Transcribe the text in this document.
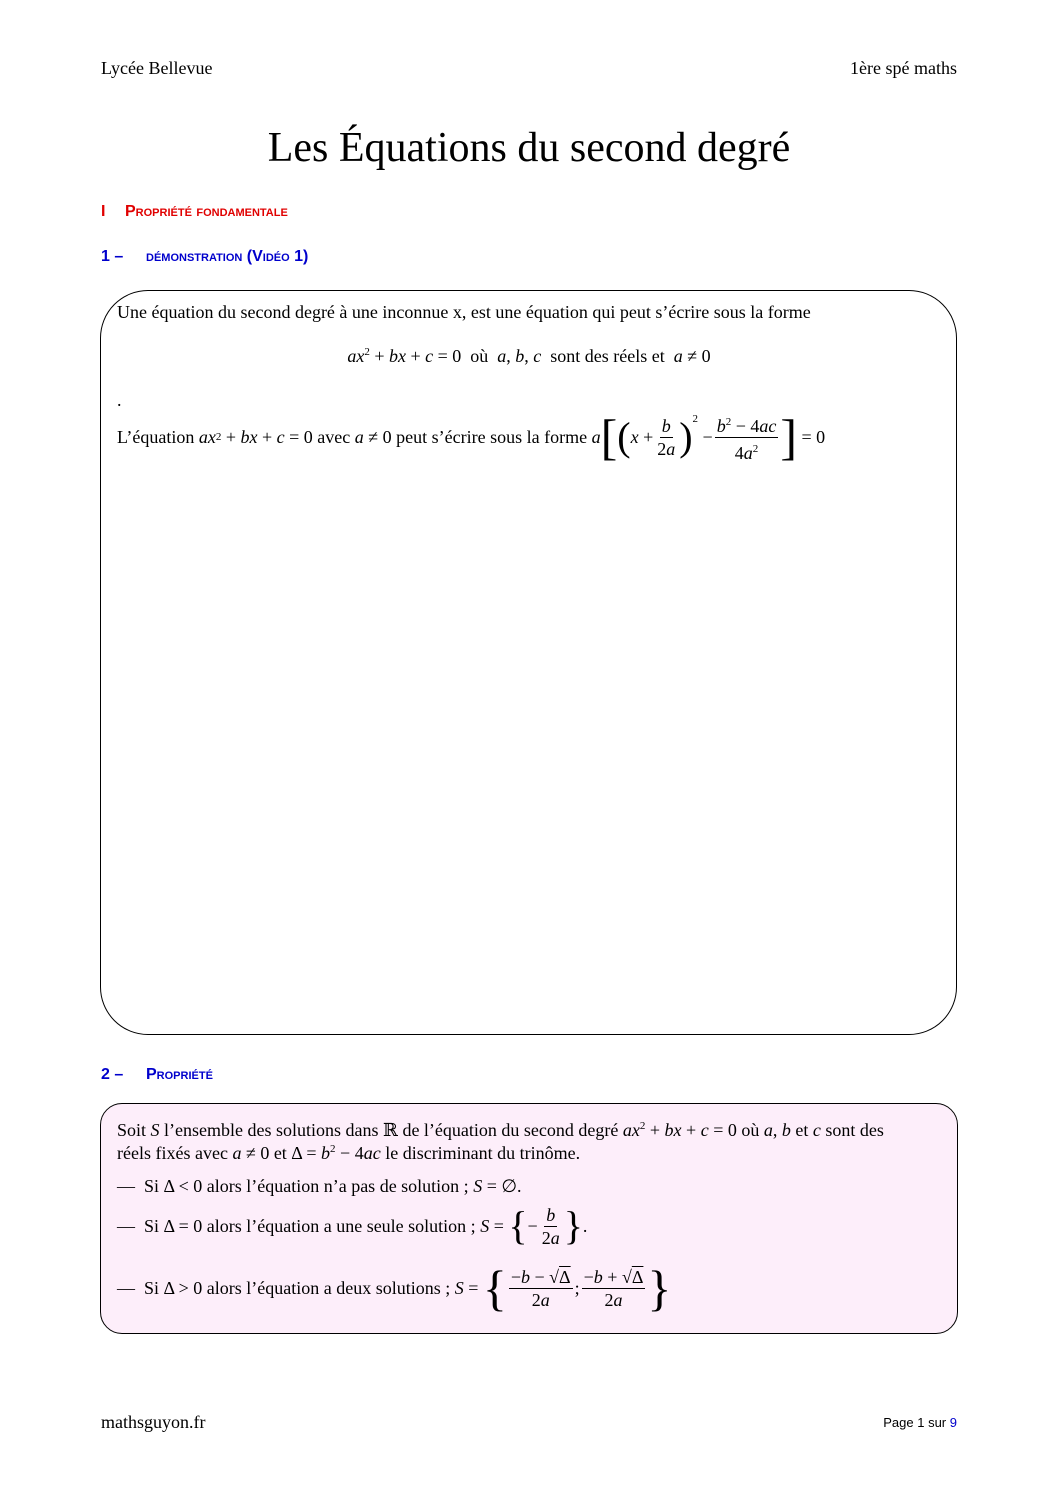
Lycée Bellevue	1ère spé maths
Les Équations du second degré
I Propriété fondamentale
1 – démonstration (Vidéo 1)
Une équation du second degré à une inconnue x, est une équation qui peut s’écrire sous la forme
$ax^2$ + bx + c = 0  où  a, b, c  sont des réels et  a ≠ 0
.
L’équation ax 2 + bx + c = 0 avec a ≠ 0 peut s’écrire sous la forme a [ ( $x + \frac{b}{2a} )^2$
− $\frac{b^2 - 4ac}{4a^2}$ ] = 0
2 – Propriété
Soit S l’ensemble des solutions dans ℝ de l’équation du second degré $ax^2$ + bx + c = 0 où a, b et c sont des
réels fixés avec a ≠ 0 et $\Delta = b^2 - 4ac$ le discriminant du trinôme.
—  Si Δ < 0 alors l’équation n’a pas de solution ; S = ∅.
— Si Δ = 0 alors l’équation a une seule solution ;
S = { − $\frac{b}{2a}$ } .
— Si Δ > 0 alors l’équation a deux solutions ;
S = { $\frac{-b - √\Delta}{2a}$ ; $\frac{-b + √\Delta}{2a}$ }
mathsguyon.fr	Page 1 sur 9
